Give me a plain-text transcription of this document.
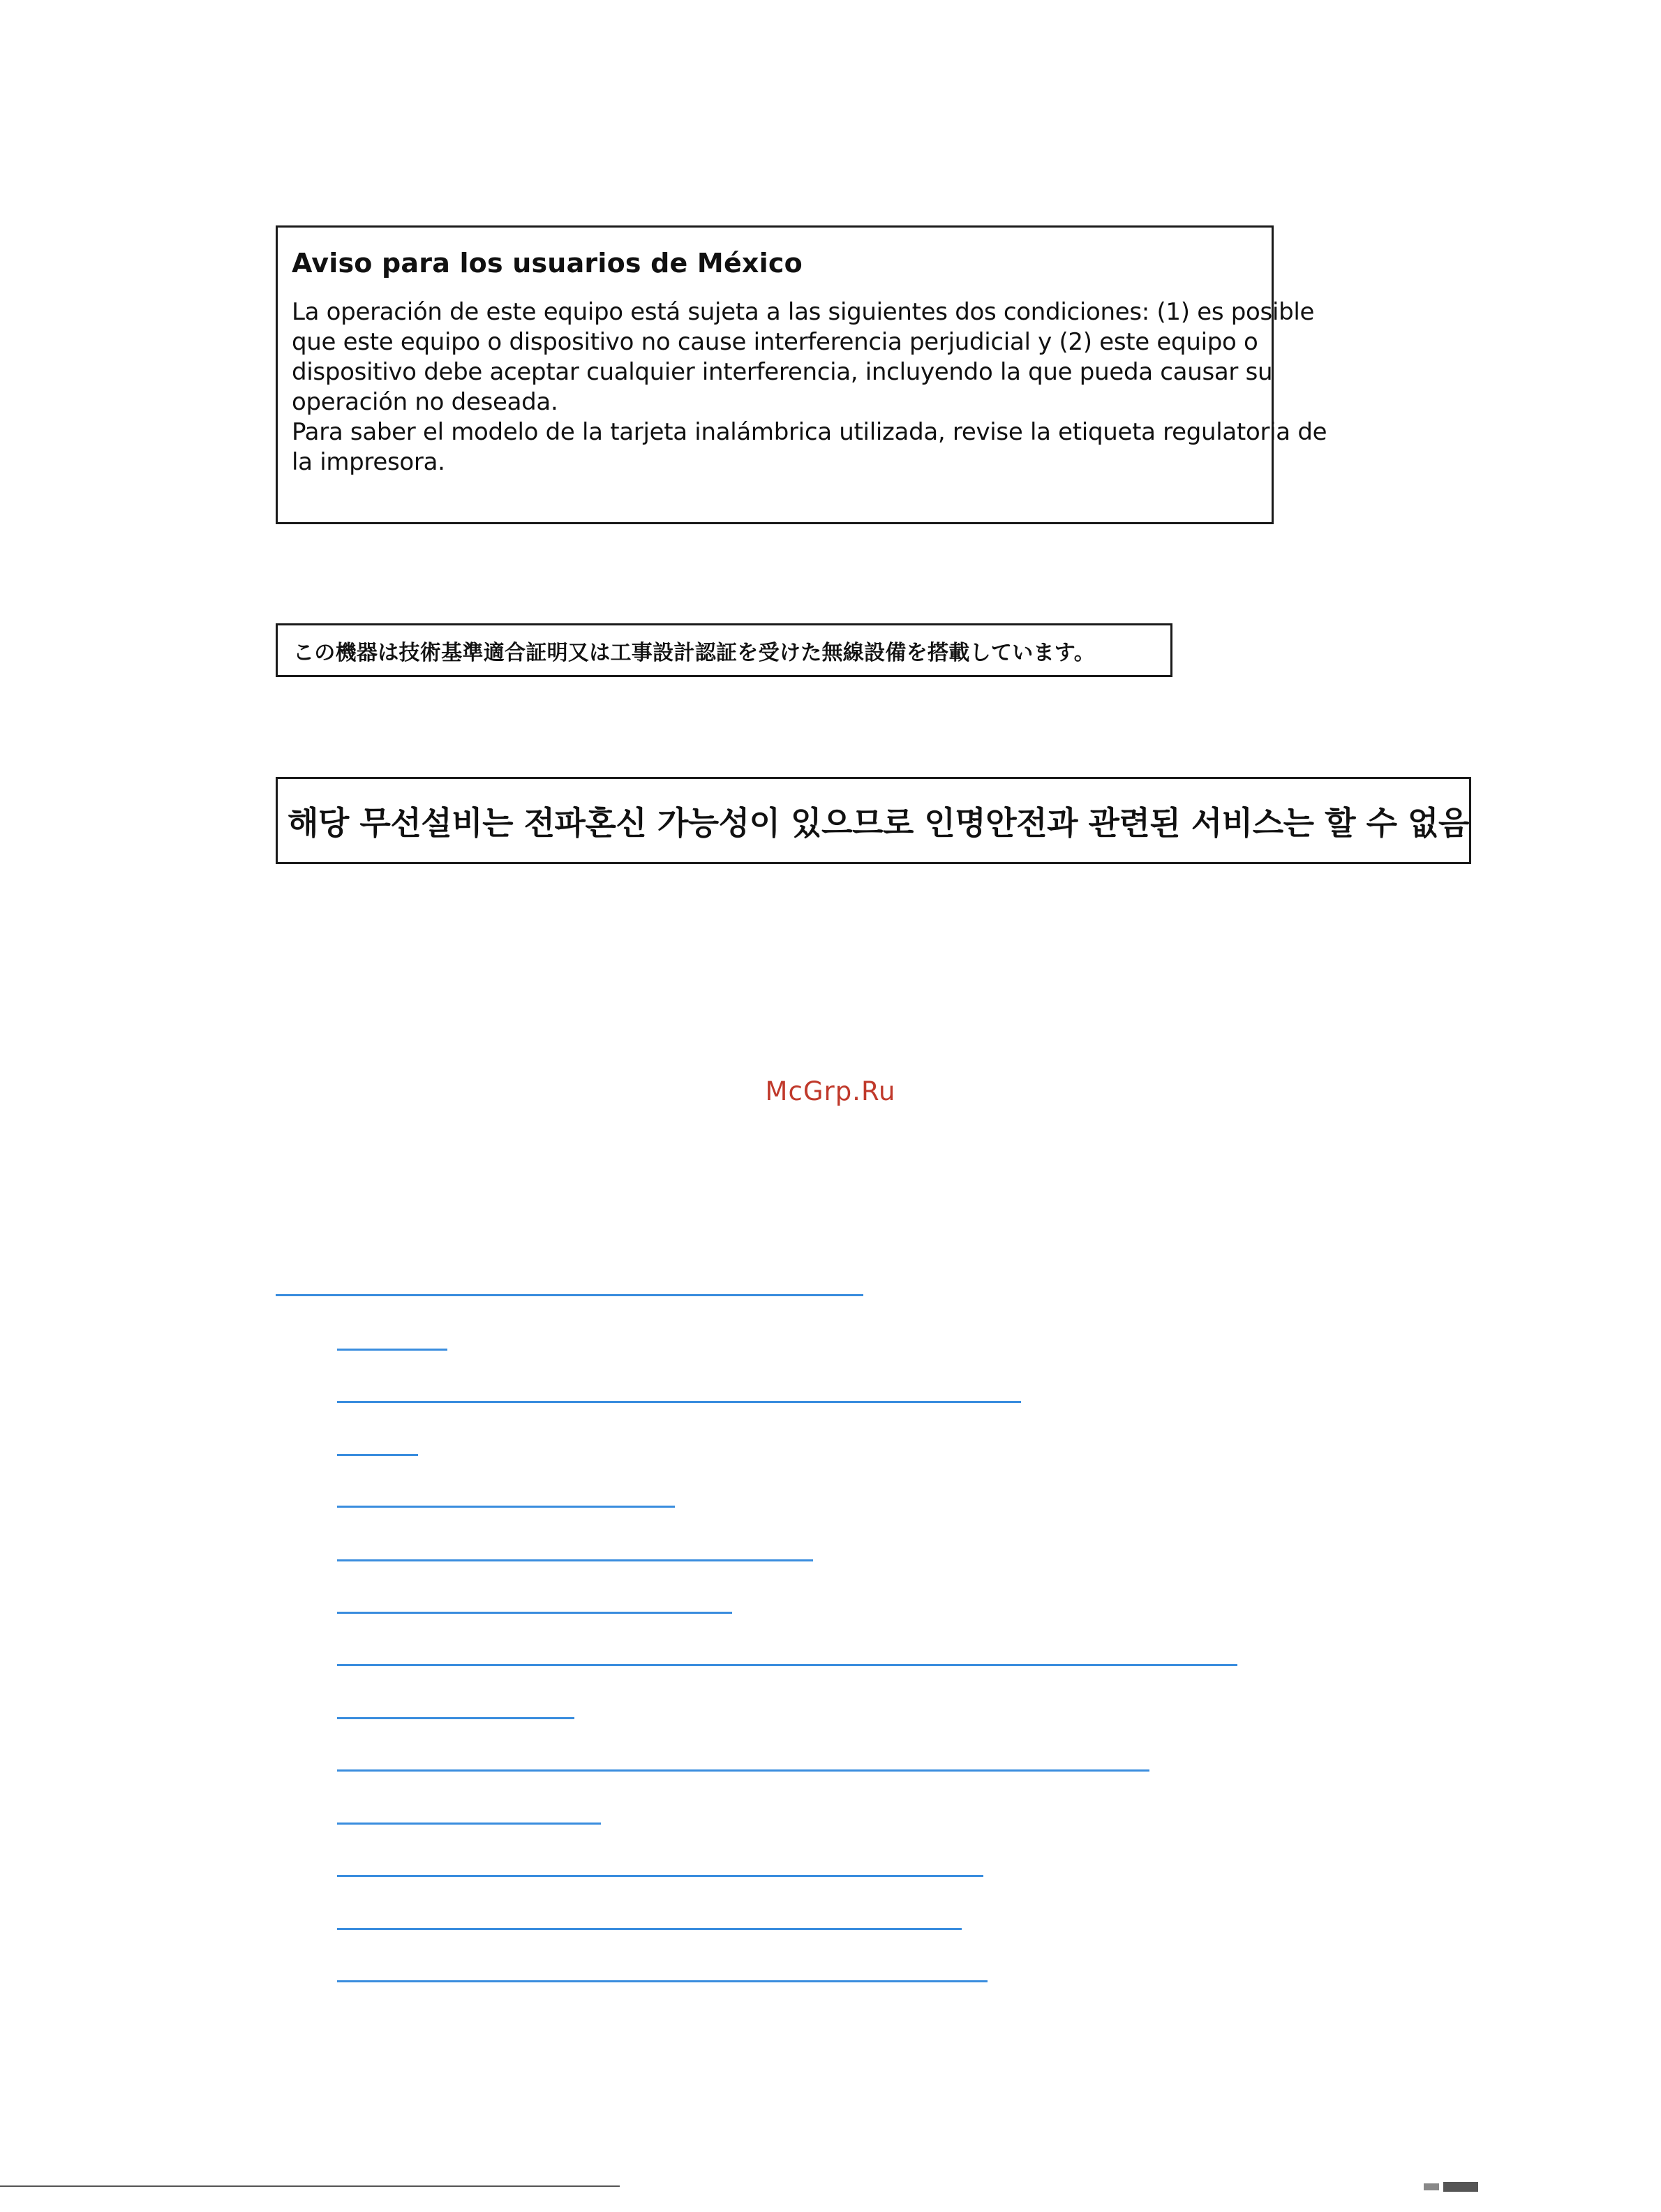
Aviso para los usuarios de México
La operación de este equipo está sujeta a las siguientes dos condiciones: (1) es posible
que este equipo o dispositivo no cause interferencia perjudicial y (2) este equipo o
dispositivo debe aceptar cualquier interferencia, incluyendo la que pueda causar su
operación no deseada.
Para saber el modelo de la tarjeta inalámbrica utilizada, revise la etiqueta regulatoria de
la impresora.
この機器は技術基準適合証明又は工事設計認証を受けた無線設備を搭載しています。
해당 무선설비는 전파혼신 가능성이 있으므로 인명안전과 관련된 서비스는 할 수 없음
McGrp.Ru
